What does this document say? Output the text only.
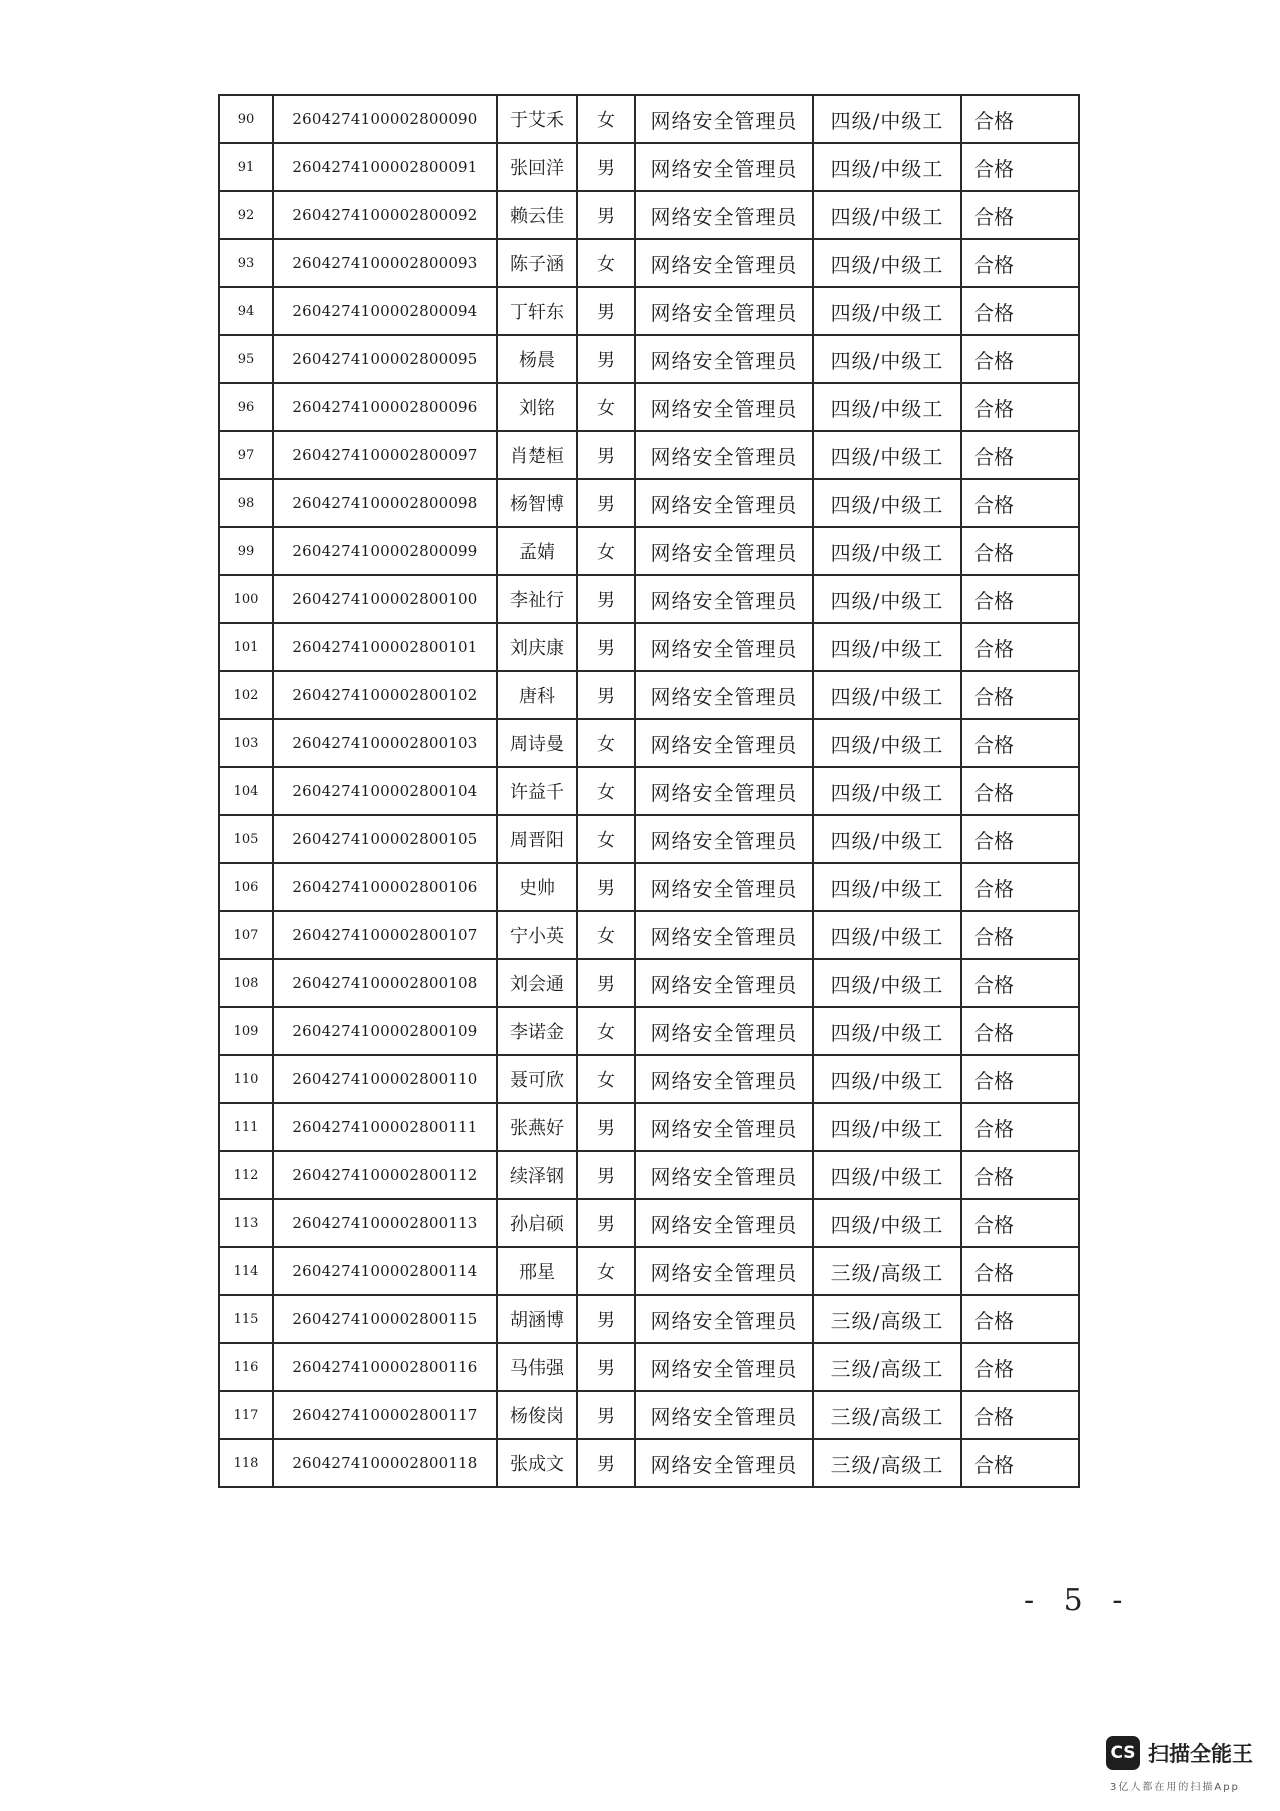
90	2604274100002800090	于艾禾	女	网络安全管理员	四级/中级工	合格
91	2604274100002800091	张回洋	男	网络安全管理员	四级/中级工	合格
92	2604274100002800092	赖云佳	男	网络安全管理员	四级/中级工	合格
93	2604274100002800093	陈子涵	女	网络安全管理员	四级/中级工	合格
94	2604274100002800094	丁轩东	男	网络安全管理员	四级/中级工	合格
95	2604274100002800095	杨晨	男	网络安全管理员	四级/中级工	合格
96	2604274100002800096	刘铭	女	网络安全管理员	四级/中级工	合格
97	2604274100002800097	肖楚桓	男	网络安全管理员	四级/中级工	合格
98	2604274100002800098	杨智博	男	网络安全管理员	四级/中级工	合格
99	2604274100002800099	孟婧	女	网络安全管理员	四级/中级工	合格
100	2604274100002800100	李祉行	男	网络安全管理员	四级/中级工	合格
101	2604274100002800101	刘庆康	男	网络安全管理员	四级/中级工	合格
102	2604274100002800102	唐科	男	网络安全管理员	四级/中级工	合格
103	2604274100002800103	周诗曼	女	网络安全管理员	四级/中级工	合格
104	2604274100002800104	许益千	女	网络安全管理员	四级/中级工	合格
105	2604274100002800105	周晋阳	女	网络安全管理员	四级/中级工	合格
106	2604274100002800106	史帅	男	网络安全管理员	四级/中级工	合格
107	2604274100002800107	宁小英	女	网络安全管理员	四级/中级工	合格
108	2604274100002800108	刘会通	男	网络安全管理员	四级/中级工	合格
109	2604274100002800109	李诺金	女	网络安全管理员	四级/中级工	合格
110	2604274100002800110	聂可欣	女	网络安全管理员	四级/中级工	合格
111	2604274100002800111	张燕好	男	网络安全管理员	四级/中级工	合格
112	2604274100002800112	续泽钢	男	网络安全管理员	四级/中级工	合格
113	2604274100002800113	孙启硕	男	网络安全管理员	四级/中级工	合格
114	2604274100002800114	邢星	女	网络安全管理员	三级/高级工	合格
115	2604274100002800115	胡涵博	男	网络安全管理员	三级/高级工	合格
116	2604274100002800116	马伟强	男	网络安全管理员	三级/高级工	合格
117	2604274100002800117	杨俊岗	男	网络安全管理员	三级/高级工	合格
118	2604274100002800118	张成文	男	网络安全管理员	三级/高级工	合格
- 5 -
CS 扫描全能王
3亿人都在用的扫描App
